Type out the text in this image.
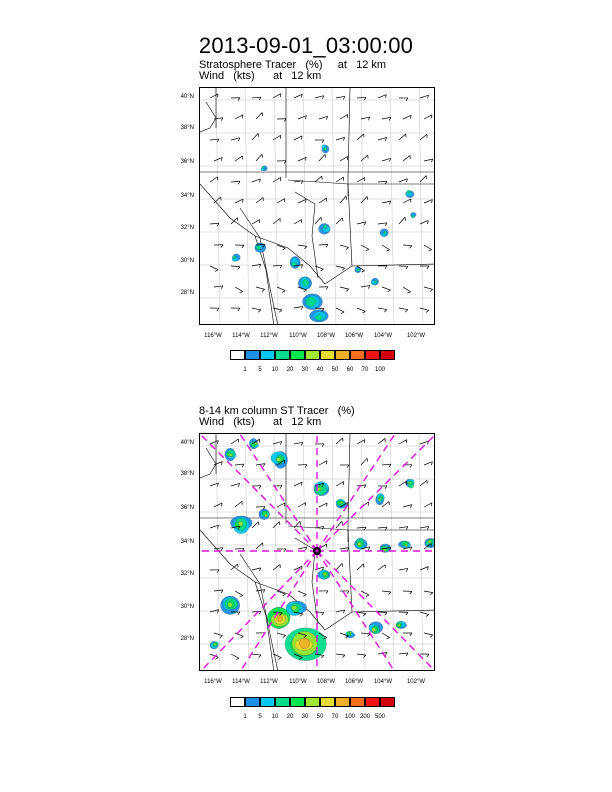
2013-09-01_03:00:00
Stratosphere Tracer   (%)     at   12 km
Wind   (kts)      at   12 km
40°N
38°N
36°N
34°N
32°N
30°N
28°N
116°W	114°W	112°W	110°W	108°W	106°W	104°W	102°W
1	5	10	20	30	40	50	60	70	100
8-14 km column ST Tracer   (%)
Wind   (kts)      at   12 km
40°N
38°N
36°N
34°N
32°N
30°N
28°N
116°W	114°W	112°W	110°W	108°W	106°W	104°W	102°W
1	5	10	20	30	50	70	100 200 500
